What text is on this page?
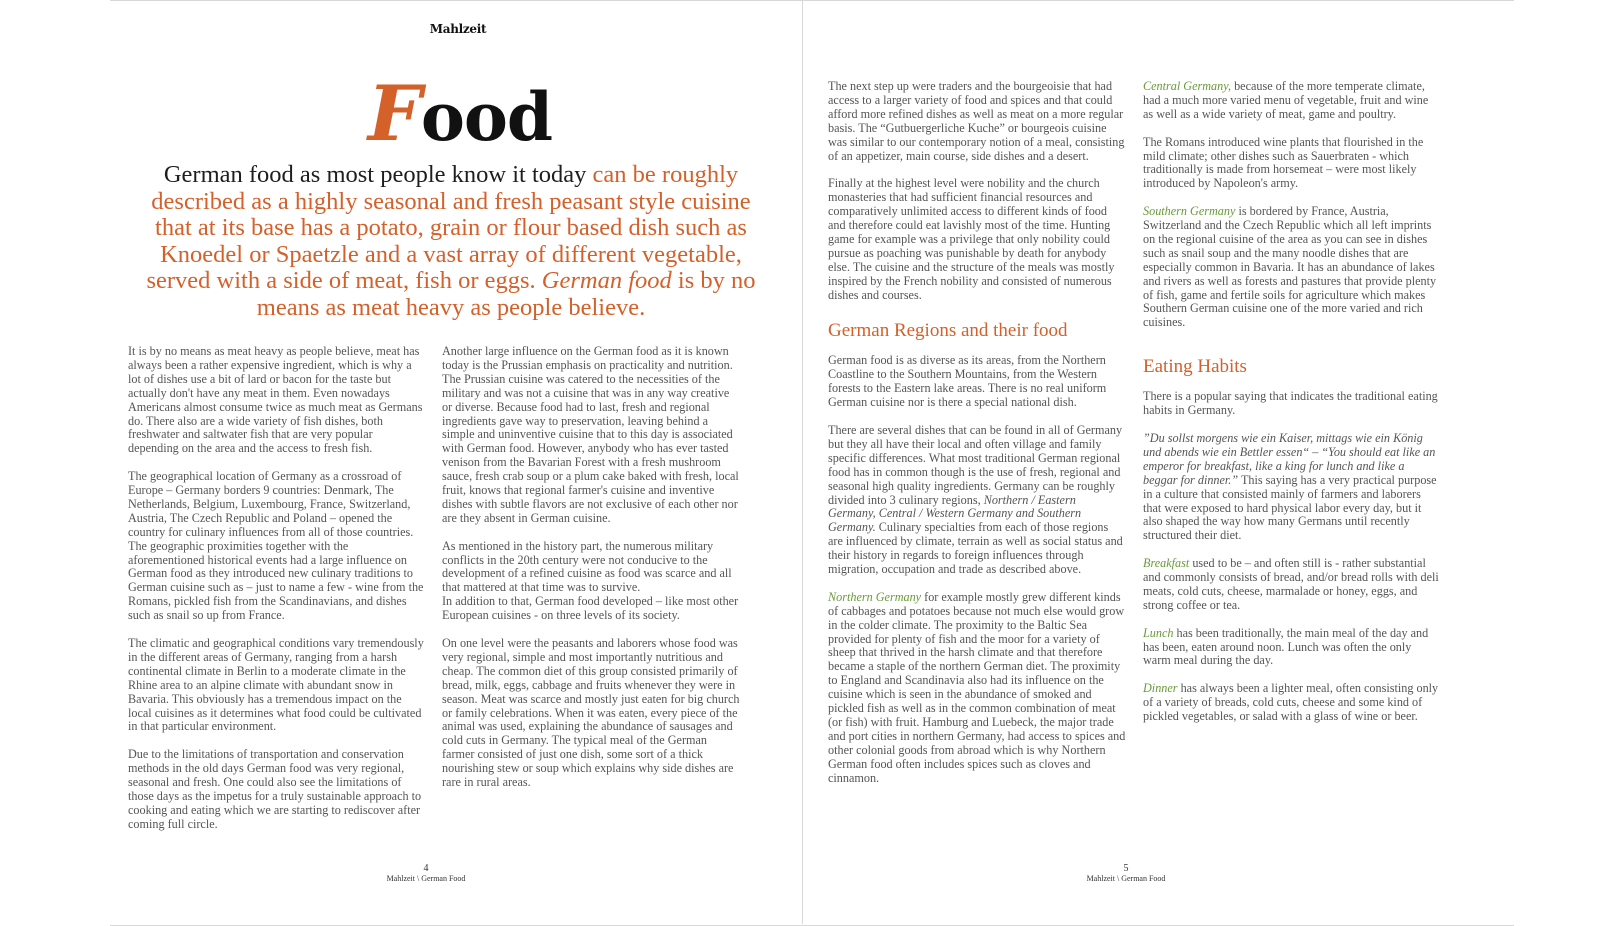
Mahlzeit
Food
German food as most people know it today can be roughly described as a highly seasonal and fresh peasant style cuisine that at its base has a potato, grain or flour based dish such as Knoedel or Spaetzle and a vast array of different vegetable, served with a side of meat, fish or eggs. German food is by no means as meat heavy as people believe.

It is by no means as meat heavy as people believe, meat has always been a rather expensive ingredient, which is why a lot of dishes use a bit of lard or bacon for the taste but actually don't have any meat in them. Even nowadays Americans almost consume twice as much meat as Germans do. There also are a wide variety of fish dishes, both freshwater and saltwater fish that are very popular depending on the area and the access to fresh fish.

The geographical location of Germany as a crossroad of Europe – Germany borders 9 countries: Denmark, The Netherlands, Belgium, Luxembourg, France, Switzerland, Austria, The Czech Republic and Poland – opened the country for culinary influences from all of those countries. The geographic proximities together with the aforementioned historical events had a large influence on German food as they introduced new culinary traditions to German cuisine such as – just to name a few - wine from the Romans, pickled fish from the Scandinavians, and dishes such as snail so up from France.

The climatic and geographical conditions vary tremendously in the different areas of Germany, ranging from a harsh continental climate in Berlin to a moderate climate in the Rhine area to an alpine climate with abundant snow in Bavaria. This obviously has a tremendous impact on the local cuisines as it determines what food could be cultivated in that particular environment.

Due to the limitations of transportation and conservation methods in the old days German food was very regional, seasonal and fresh. One could also see the limitations of those days as the impetus for a truly sustainable approach to cooking and eating which we are starting to rediscover after coming full circle.

Another large influence on the German food as it is known today is the Prussian emphasis on practicality and nutrition. The Prussian cuisine was catered to the necessities of the military and was not a cuisine that was in any way creative or diverse. Because food had to last, fresh and regional ingredients gave way to preservation, leaving behind a simple and uninventive cuisine that to this day is associated with German food. However, anybody who has ever tasted venison from the Bavarian Forest with a fresh mushroom sauce, fresh crab soup or a plum cake baked with fresh, local fruit, knows that regional farmer's cuisine and inventive dishes with subtle flavors are not exclusive of each other nor are they absent in German cuisine.

As mentioned in the history part, the numerous military conflicts in the 20th century were not conducive to the development of a refined cuisine as food was scarce and all that mattered at that time was to survive.

In addition to that, German food developed – like most other European cuisines - on three levels of its society.

On one level were the peasants and laborers whose food was very regional, simple and most importantly nutritious and cheap. The common diet of this group consisted primarily of bread, milk, eggs, cabbage and fruits whenever they were in season. Meat was scarce and mostly just eaten for big church or family celebrations. When it was eaten, every piece of the animal was used, explaining the abundance of sausages and cold cuts in Germany. The typical meal of the German farmer consisted of just one dish, some sort of a thick nourishing stew or soup which explains why side dishes are rare in rural areas.

4
Mahlzeit \ German Food

The next step up were traders and the bourgeoisie that had access to a larger variety of food and spices and that could afford more refined dishes as well as meat on a more regular basis. The “Gutbuergerliche Kuche” or bourgeois cuisine was similar to our contemporary notion of a meal, consisting of an appetizer, main course, side dishes and a desert.

Finally at the highest level were nobility and the church monasteries that had sufficient financial resources and comparatively unlimited access to different kinds of food and therefore could eat lavishly most of the time. Hunting game for example was a privilege that only nobility could pursue as poaching was punishable by death for anybody else. The cuisine and the structure of the meals was mostly inspired by the French nobility and consisted of numerous dishes and courses.

German Regions and their food

German food is as diverse as its areas, from the Northern Coastline to the Southern Mountains, from the Western forests to the Eastern lake areas. There is no real uniform German cuisine nor is there a special national dish.

There are several dishes that can be found in all of Germany but they all have their local and often village and family specific differences. What most traditional German regional food has in common though is the use of fresh, regional and seasonal high quality ingredients. Germany can be roughly divided into 3 culinary regions, Northern / Eastern Germany, Central / Western Germany and Southern Germany. Culinary specialties from each of those regions are influenced by climate, terrain as well as social status and their history in regards to foreign influences through migration, occupation and trade as described above.

Northern Germany for example mostly grew different kinds of cabbages and potatoes because not much else would grow in the colder climate. The proximity to the Baltic Sea provided for plenty of fish and the moor for a variety of sheep that thrived in the harsh climate and that therefore became a staple of the northern German diet. The proximity to England and Scandinavia also had its influence on the cuisine which is seen in the abundance of smoked and pickled fish as well as in the common combination of meat (or fish) with fruit. Hamburg and Luebeck, the major trade and port cities in northern Germany, had access to spices and other colonial goods from abroad which is why Northern German food often includes spices such as cloves and cinnamon.

Central Germany, because of the more temperate climate, had a much more varied menu of vegetable, fruit and wine as well as a wide variety of meat, game and poultry.

The Romans introduced wine plants that flourished in the mild climate; other dishes such as Sauerbraten - which traditionally is made from horsemeat – were most likely introduced by Napoleon's army.

Southern Germany is bordered by France, Austria, Switzerland and the Czech Republic which all left imprints on the regional cuisine of the area as you can see in dishes such as snail soup and the many noodle dishes that are especially common in Bavaria. It has an abundance of lakes and rivers as well as forests and pastures that provide plenty of fish, game and fertile soils for agriculture which makes Southern German cuisine one of the more varied and rich cuisines.

Eating Habits

There is a popular saying that indicates the traditional eating habits in Germany.

”Du sollst morgens wie ein Kaiser, mittags wie ein König und abends wie ein Bettler essen“ – “You should eat like an emperor for breakfast, like a king for lunch and like a beggar for dinner.” This saying has a very practical purpose in a culture that consisted mainly of farmers and laborers that were exposed to hard physical labor every day, but it also shaped the way how many Germans until recently structured their diet.

Breakfast used to be – and often still is - rather substantial and commonly consists of bread, and/or bread rolls with deli meats, cold cuts, cheese, marmalade or honey, eggs, and strong coffee or tea.

Lunch has been traditionally, the main meal of the day and has been, eaten around noon. Lunch was often the only warm meal during the day.

Dinner has always been a lighter meal, often consisting only of a variety of breads, cold cuts, cheese and some kind of pickled vegetables, or salad with a glass of wine or beer.

5
Mahlzeit \ German Food
